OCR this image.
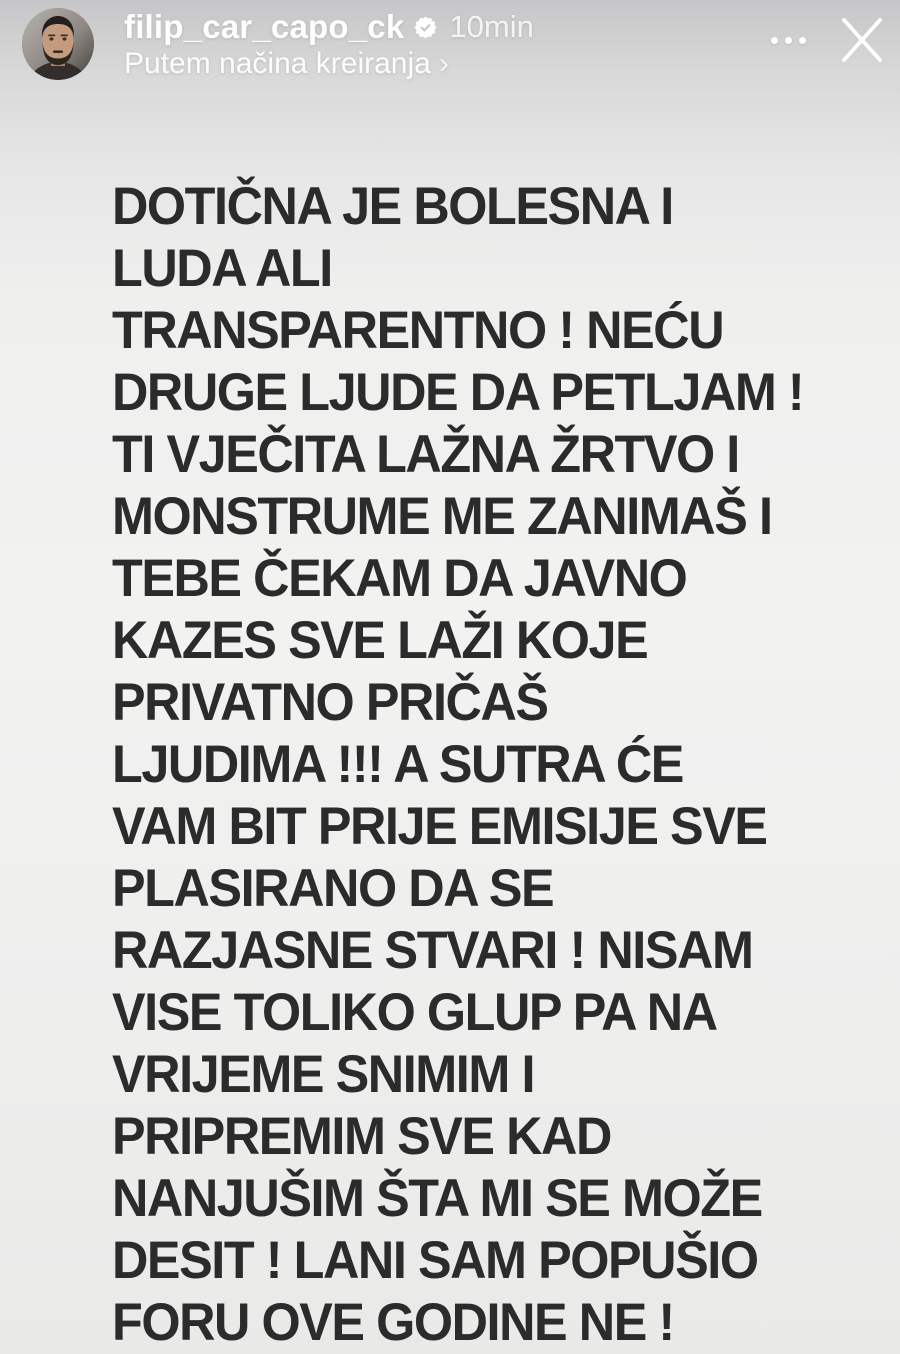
filip_car_capo_ck 10min
Putem načina kreiranja ›
DOTIČNA JE BOLESNA I
LUDA ALI
TRANSPARENTNO ! NEĆU
DRUGE LJUDE DA PETLJAM !
TI VJEČITA LAŽNA ŽRTVO I
MONSTRUME ME ZANIMAŠ I
TEBE ČEKAM DA JAVNO
KAZES SVE LAŽI KOJE
PRIVATNO PRIČAŠ
LJUDIMA !!! A SUTRA ĆE
VAM BIT PRIJE EMISIJE SVE
PLASIRANO DA SE
RAZJASNE STVARI ! NISAM
VISE TOLIKO GLUP PA NA
VRIJEME SNIMIM I
PRIPREMIM SVE KAD
NANJUŠIM ŠTA MI SE MOŽE
DESIT ! LANI SAM POPUŠIO
FORU OVE GODINE NE !
